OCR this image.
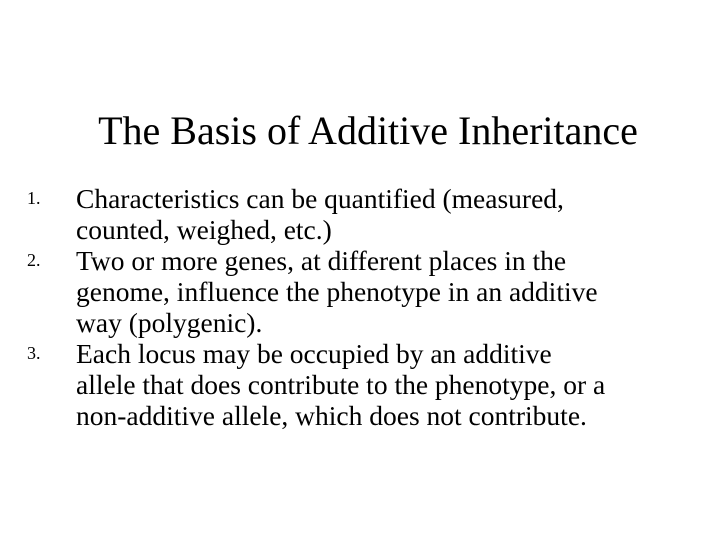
The Basis of Additive Inheritance
1. Characteristics can be quantified (measured,
counted, weighed, etc.)
2. Two or more genes, at different places in the
genome, influence the phenotype in an additive
way (polygenic).
3. Each locus may be occupied by an additive
allele that does contribute to the phenotype, or a
non-additive allele, which does not contribute.
